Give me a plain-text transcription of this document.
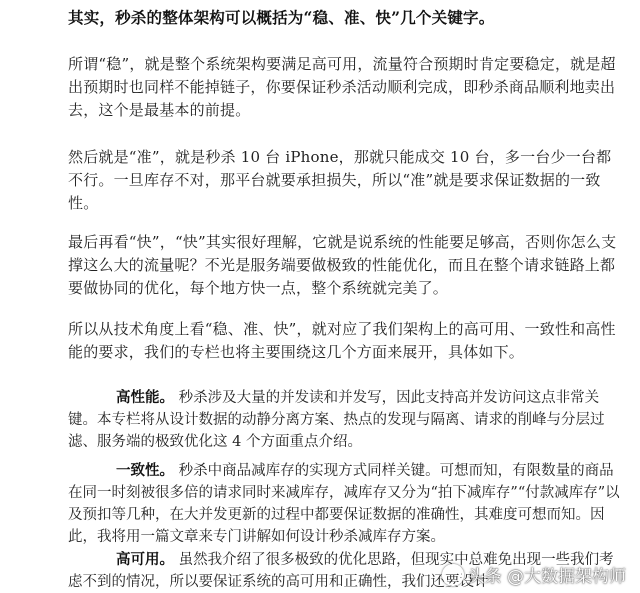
其实，秒杀的整体架构可以概括为“稳、准、快”几个关键字。

所谓“稳”，就是整个系统架构要满足高可用，流量符合预期时肯定要稳定，就是超出预期时也同样不能掉链子，你要保证秒杀活动顺利完成，即秒杀商品顺利地卖出去，这个是最基本的前提。

然后就是“准”，就是秒杀 10 台 iPhone，那就只能成交 10 台，多一台少一台都不行。一旦库存不对，那平台就要承担损失，所以“准”就是要求保证数据的一致性。

最后再看“快”，“快”其实很好理解，它就是说系统的性能要足够高，否则你怎么支撑这么大的流量呢？不光是服务端要做极致的性能优化，而且在整个请求链路上都要做协同的优化，每个地方快一点，整个系统就完美了。

所以从技术角度上看“稳、准、快”，就对应了我们架构上的高可用、一致性和高性能的要求，我们的专栏也将主要围绕这几个方面来展开，具体如下。

高性能。 秒杀涉及大量的并发读和并发写，因此支持高并发访问这点非常关键。本专栏将从设计数据的动静分离方案、热点的发现与隔离、请求的削峰与分层过滤、服务端的极致优化这 4 个方面重点介绍。

一致性。 秒杀中商品减库存的实现方式同样关键。可想而知，有限数量的商品在同一时刻被很多倍的请求同时来减库存，减库存又分为“拍下减库存”“付款减库存”以及预扣等几种，在大并发更新的过程中都要保证数据的准确性，其难度可想而知。因此，我将用一篇文章来专门讲解如何设计秒杀减库存方案。

高可用。 虽然我介绍了很多极致的优化思路，但现实中总难免出现一些我们考虑不到的情况，所以要保证系统的高可用和正确性，我们还要设计

头条 @大数据架构师
